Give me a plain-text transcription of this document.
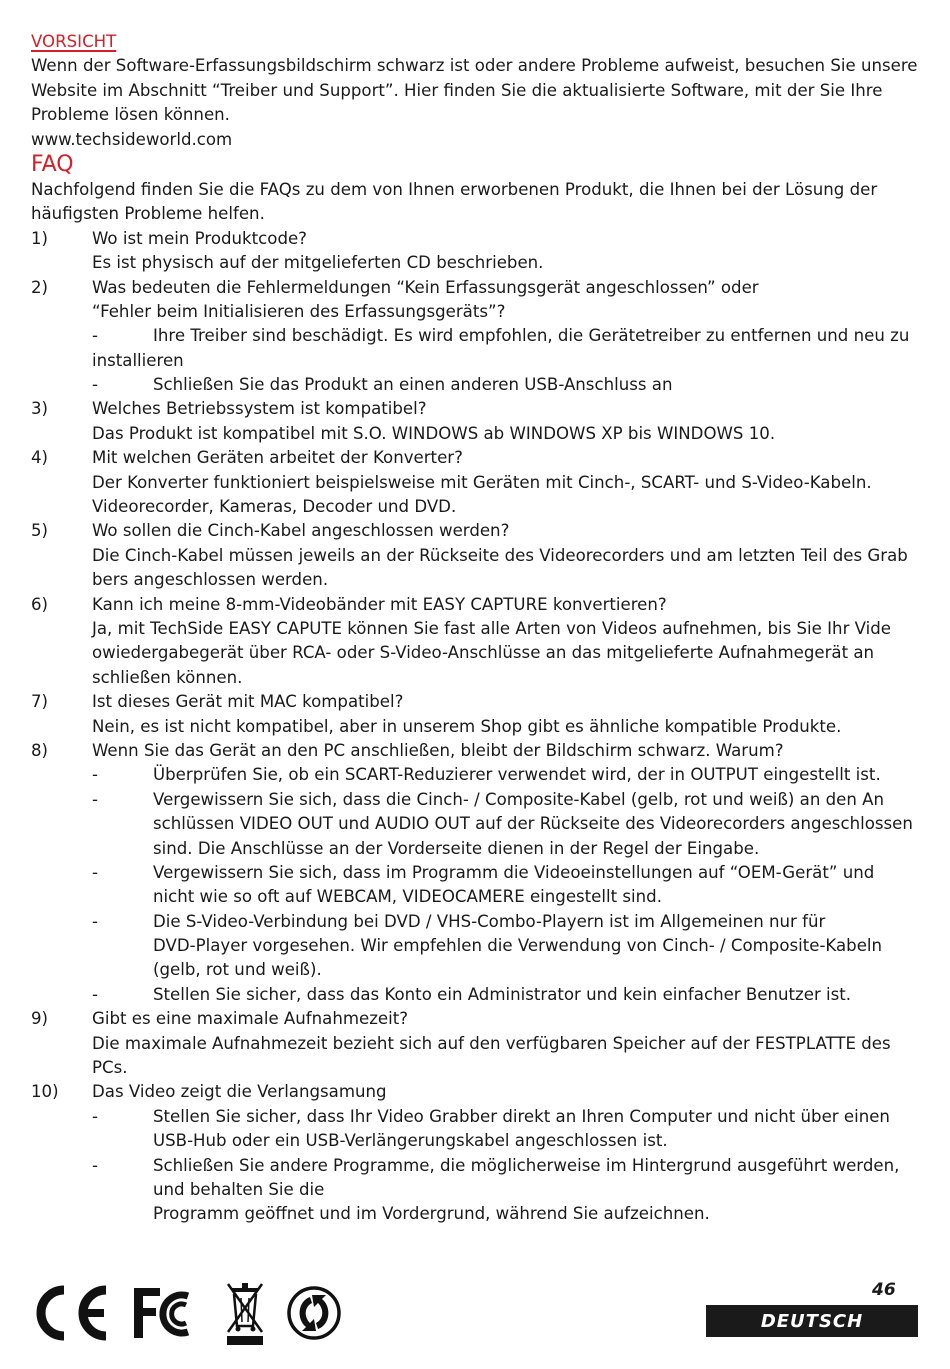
VORSICHT
Wenn der Software-Erfassungsbildschirm schwarz ist oder andere Probleme aufweist, besuchen Sie unsere
Website im Abschnitt “Treiber und Support”. Hier finden Sie die aktualisierte Software, mit der Sie Ihre
Probleme lösen können.
www.techsideworld.com
FAQ
Nachfolgend finden Sie die FAQs zu dem von Ihnen erworbenen Produkt, die Ihnen bei der Lösung der
häufigsten Probleme helfen.
1)	Wo ist mein Produktcode?
Es ist physisch auf der mitgelieferten CD beschrieben.
2)	Was bedeuten die Fehlermeldungen “Kein Erfassungsgerät angeschlossen” oder
“Fehler beim Initialisieren des Erfassungsgeräts”?
-	Ihre Treiber sind beschädigt. Es wird empfohlen, die Gerätetreiber zu entfernen und neu zu
installieren
-	Schließen Sie das Produkt an einen anderen USB-Anschluss an
3)	Welches Betriebssystem ist kompatibel?
Das Produkt ist kompatibel mit S.O. WINDOWS ab WINDOWS XP bis WINDOWS 10.
4)	Mit welchen Geräten arbeitet der Konverter?
Der Konverter funktioniert beispielsweise mit Geräten mit Cinch-, SCART- und S-Video-Kabeln.
Videorecorder, Kameras, Decoder und DVD.
5)	Wo sollen die Cinch-Kabel angeschlossen werden?
Die Cinch-Kabel müssen jeweils an der Rückseite des Videorecorders und am letzten Teil des Grab
bers angeschlossen werden.
6)	Kann ich meine 8-mm-Videobänder mit EASY CAPTURE konvertieren?
Ja, mit TechSide EASY CAPUTE können Sie fast alle Arten von Videos aufnehmen, bis Sie Ihr Vide
owiedergabegerät über RCA- oder S-Video-Anschlüsse an das mitgelieferte Aufnahmegerät an
schließen können.
7)	Ist dieses Gerät mit MAC kompatibel?
Nein, es ist nicht kompatibel, aber in unserem Shop gibt es ähnliche kompatible Produkte.
8)	Wenn Sie das Gerät an den PC anschließen, bleibt der Bildschirm schwarz. Warum?
-	Überprüfen Sie, ob ein SCART-Reduzierer verwendet wird, der in OUTPUT eingestellt ist.
-	Vergewissern Sie sich, dass die Cinch- / Composite-Kabel (gelb, rot und weiß) an den An
schlüssen VIDEO OUT und AUDIO OUT auf der Rückseite des Videorecorders angeschlossen
sind. Die Anschlüsse an der Vorderseite dienen in der Regel der Eingabe.
-	Vergewissern Sie sich, dass im Programm die Videoeinstellungen auf “OEM-Gerät” und
nicht wie so oft auf WEBCAM, VIDEOCAMERE eingestellt sind.
-	Die S-Video-Verbindung bei DVD / VHS-Combo-Playern ist im Allgemeinen nur für
DVD-Player vorgesehen. Wir empfehlen die Verwendung von Cinch- / Composite-Kabeln
(gelb, rot und weiß).
-	Stellen Sie sicher, dass das Konto ein Administrator und kein einfacher Benutzer ist.
9)	Gibt es eine maximale Aufnahmezeit?
Die maximale Aufnahmezeit bezieht sich auf den verfügbaren Speicher auf der FESTPLATTE des
PCs.
10)	Das Video zeigt die Verlangsamung
-	Stellen Sie sicher, dass Ihr Video Grabber direkt an Ihren Computer und nicht über einen
USB-Hub oder ein USB-Verlängerungskabel angeschlossen ist.
-	Schließen Sie andere Programme, die möglicherweise im Hintergrund ausgeführt werden,
und behalten Sie die
Programm geöffnet und im Vordergrund, während Sie aufzeichnen.
46
DEUTSCH
